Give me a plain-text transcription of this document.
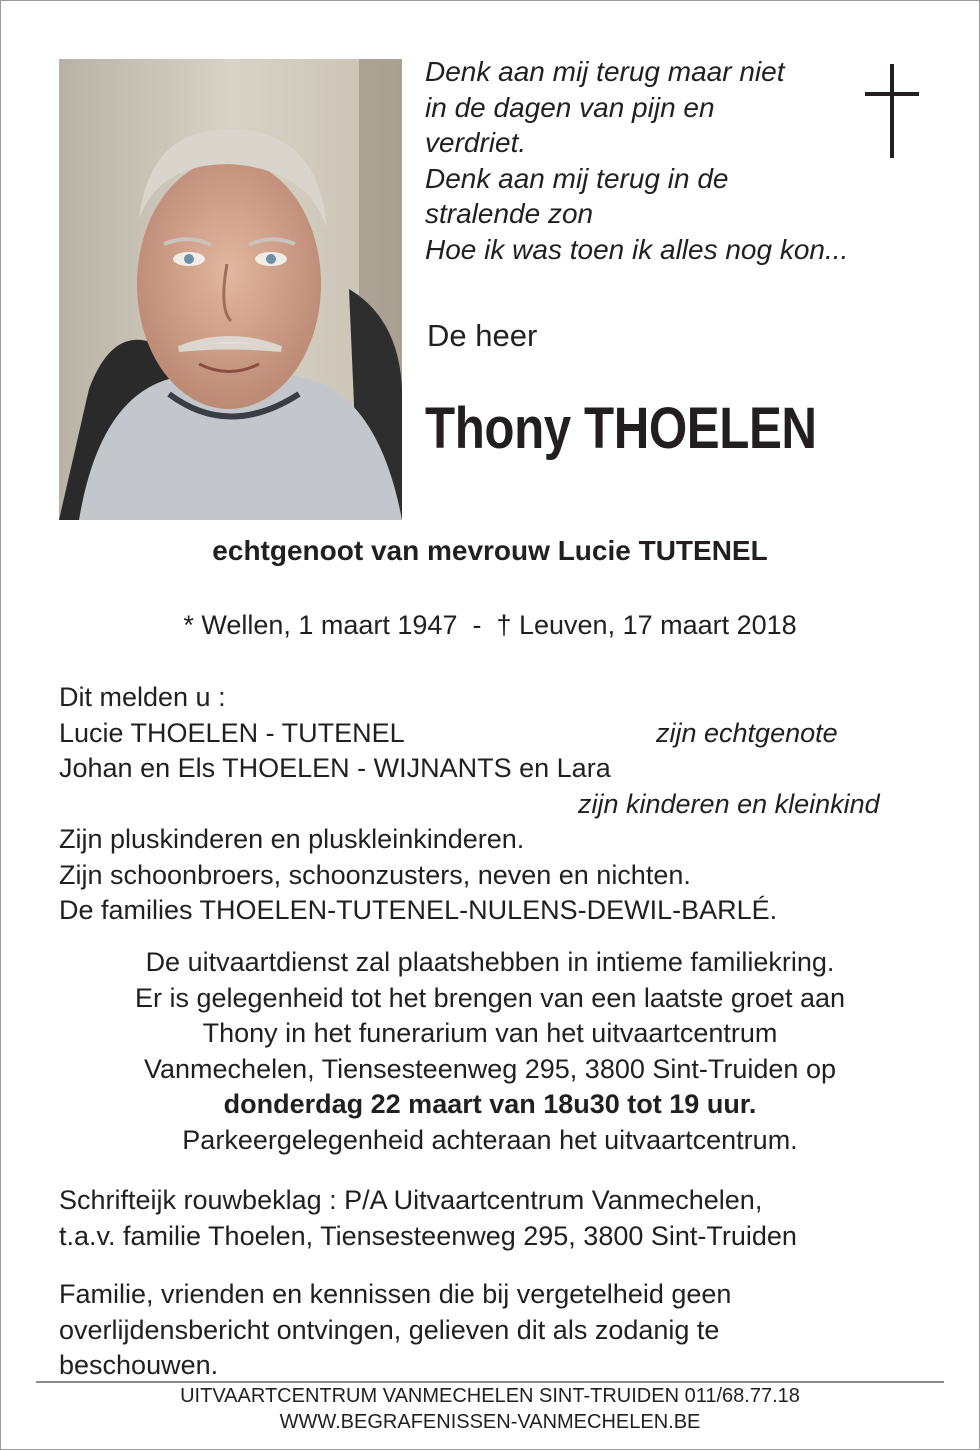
Denk aan mij terug maar niet
in de dagen van pijn en
verdriet.
Denk aan mij terug in de
stralende zon
Hoe ik was toen ik alles nog kon...
De heer
Thony THOELEN
echtgenoot van mevrouw Lucie TUTENEL
* Wellen, 1 maart 1947  -  † Leuven, 17 maart 2018
Dit melden u :
Lucie THOELEN - TUTENEL	zijn echtgenote
Johan en Els THOELEN - WIJNANTS en Lara
zijn kinderen en kleinkind
Zijn pluskinderen en pluskleinkinderen.
Zijn schoonbroers, schoonzusters, neven en nichten.
De families THOELEN-TUTENEL-NULENS-DEWIL-BARLÉ.
De uitvaartdienst zal plaatshebben in intieme familiekring.
Er is gelegenheid tot het brengen van een laatste groet aan
Thony in het funerarium van het uitvaartcentrum
Vanmechelen, Tiensesteenweg 295, 3800 Sint-Truiden op
donderdag 22 maart van 18u30 tot 19 uur.
Parkeergelegenheid achteraan het uitvaartcentrum.
Schrifteijk rouwbeklag : P/A Uitvaartcentrum Vanmechelen,
t.a.v. familie Thoelen, Tiensesteenweg 295, 3800 Sint-Truiden
Familie, vrienden en kennissen die bij vergetelheid geen
overlijdensbericht ontvingen, gelieven dit als zodanig te
beschouwen.
UITVAARTCENTRUM VANMECHELEN SINT-TRUIDEN 011/68.77.18
WWW.BEGRAFENISSEN-VANMECHELEN.BE
